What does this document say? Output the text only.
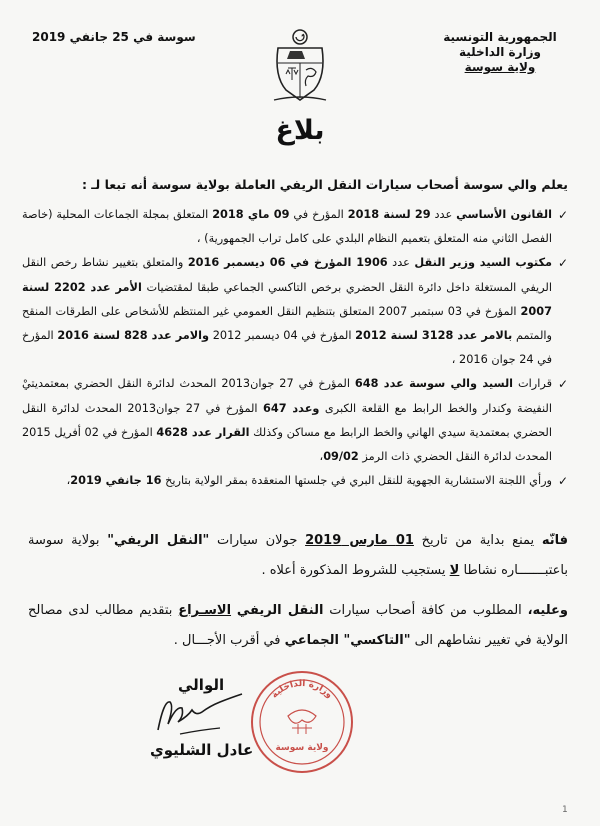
الجمهورية التونسية
وزارة الداخلية
ولاية سوسة
سوسة في 25 جانفي 2019
بلاغ
يعلم والي سوسة أصحاب سيارات النقل الريفي العاملة بولاية سوسة أنه تبعا لـ :
✓
القانون الأساسي عدد 29 لسنة 2018 المؤرخ في 09 ماي 2018 المتعلق بمجلة الجماعات المحلية (خاصة الفصل الثاني منه المتعلق بتعميم النظام البلدي على كامل تراب الجمهورية) ،
✓
مكتوب السيد وزير النقل عدد 1906 المؤرخ في 06 ديسمبر 2016 والمتعلق بتغيير نشاط رخص النقل الريفي المستغلة داخل دائرة النقل الحضري برخص التاكسي الجماعي طبقا لمقتضيات الأمر عدد 2202 لسنة 2007 المؤرخ في 03 سبتمبر 2007 المتعلق بتنظيم النقل العمومي غير المنتظم للأشخاص على الطرقات المنقح والمتمم بالامر عدد 3128 لسنة 2012 المؤرخ في 04 ديسمبر 2012 والامر عدد 828 لسنة 2016 المؤرخ في 24 جوان 2016 ،
✓
قرارات السيد والي سوسة عدد 648 المؤرخ في 27 جوان2013 المحدث لدائرة النقل الحضري بمعتمديتيْ النفيضة وكندار والخط الرابط مع القلعة الكبرى وعدد 647 المؤرخ في 27 جوان2013 المحدث لدائرة النقل الحضري بمعتمدية سيدي الهاني والخط الرابط مع مساكن وكذلك القرار عدد 4628 المؤرخ في 02 أفريل 2015 المحدث لدائرة النقل الحضري ذات الرمز 09/02،
✓
ورأي اللجنة الاستشارية الجهوية للنقل البري في جلستها المنعقدة بمقر الولاية بتاريخ 16 جانفي 2019،
فانّه يمنع بداية من تاريخ 01 مارس 2019 جولان سيارات "النقل الريفي" بولاية سوسة باعتبـــــــاره نشاطا لا يستجيب للشروط المذكورة أعلاه .
وعليه، المطلوب من كافة أصحاب سيارات النقل الريفي الاسـراع بتقديم مطالب لدى مصالح الولاية في تغيير نشاطهم الى "التاكسي" الجماعي في أقرب الأجـــال .
الوالي
وزارة الداخلية
ولاية سوسة
عادل الشليوي
1
